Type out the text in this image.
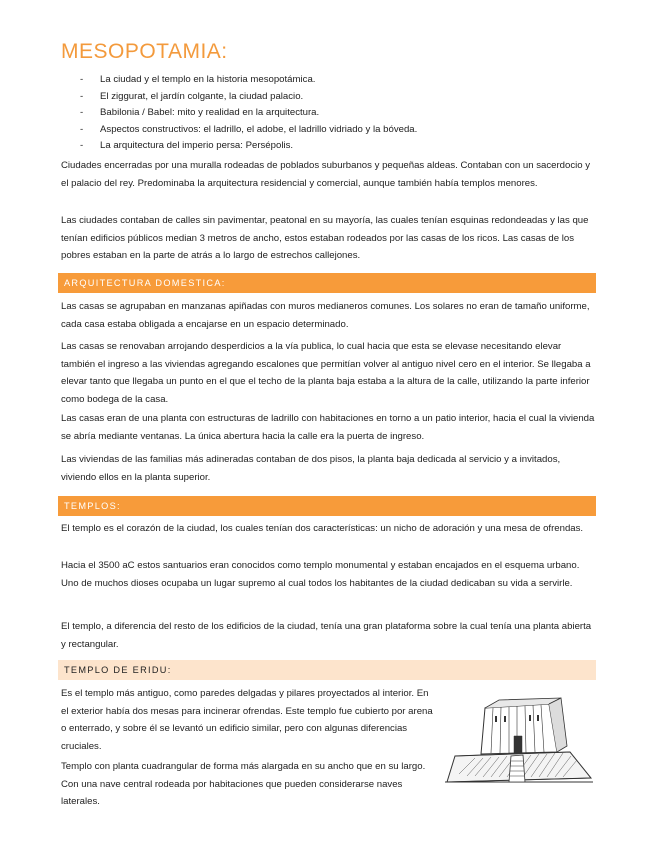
MESOPOTAMIA:
- La ciudad y el templo en la historia mesopotámica.
- El ziggurat, el jardín colgante, la ciudad palacio.
- Babilonia / Babel: mito y realidad en la arquitectura.
- Aspectos constructivos: el ladrillo, el adobe, el ladrillo vidriado y la bóveda.
- La arquitectura del imperio persa: Persépolis.

Ciudades encerradas por una muralla rodeadas de poblados suburbanos y pequeñas aldeas. Contaban con un sacerdocio y el palacio del rey. Predominaba la arquitectura residencial y comercial, aunque también había templos menores.

Las ciudades contaban de calles sin pavimentar, peatonal en su mayoría, las cuales tenían esquinas redondeadas y las que tenían edificios públicos median 3 metros de ancho, estos estaban rodeados por las casas de los ricos. Las casas de los pobres estaban en la parte de atrás a lo largo de estrechos callejones.

ARQUITECTURA DOMESTICA:

Las casas se agrupaban en manzanas apiñadas con muros medianeros comunes. Los solares no eran de tamaño uniforme, cada casa estaba obligada a encajarse en un espacio determinado.

Las casas se renovaban arrojando desperdicios a la vía publica, lo cual hacia que esta se elevase necesitando elevar también el ingreso a las viviendas agregando escalones que permitían volver al antiguo nivel cero en el interior. Se llegaba a elevar tanto que llegaba un punto en el que el techo de la planta baja estaba a la altura de la calle, utilizando la parte inferior como bodega de la casa.

Las casas eran de una planta con estructuras de ladrillo con habitaciones en torno a un patio interior, hacia el cual la vivienda se abría mediante ventanas. La única abertura hacia la calle era la puerta de ingreso.

Las viviendas de las familias más adineradas contaban de dos pisos, la planta baja dedicada al servicio y a invitados, viviendo ellos en la planta superior.

TEMPLOS:

El templo es el corazón de la ciudad, los cuales tenían dos características: un nicho de adoración y una mesa de ofrendas.

Hacia el 3500 aC estos santuarios eran conocidos como templo monumental y estaban encajados en el esquema urbano. Uno de muchos dioses ocupaba un lugar supremo al cual todos los habitantes de la ciudad dedicaban su vida a servirle.

El templo, a diferencia del resto de los edificios de la ciudad, tenía una gran plataforma sobre la cual tenía una planta abierta y rectangular.

TEMPLO DE ERIDU:

Es el templo más antiguo, como paredes delgadas y pilares proyectados al interior. En el exterior había dos mesas para incinerar ofrendas. Este templo fue cubierto por arena o enterrado, y sobre él se levantó un edificio similar, pero con algunas diferencias cruciales.

Templo con planta cuadrangular de forma más alargada en su ancho que en su largo. Con una nave central rodeada por habitaciones que pueden considerarse naves laterales.
